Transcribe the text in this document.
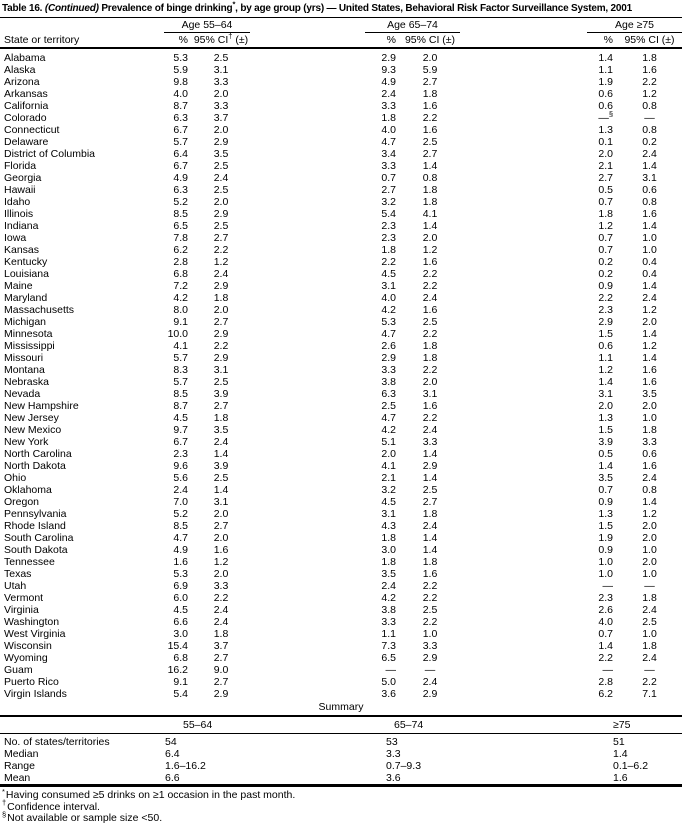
Table 16. (Continued) Prevalence of binge drinking*, by age group (yrs) — United States, Behavioral Risk Factor Surveillance System, 2001
	Age 55–64			Age 65–74			Age ≥75	
State or territory	%	95% CI† (±)		%	95% CI (±)		%	95% CI (±)
Alabama	5.3	2.5		2.9	2.0		1.4	1.8
Alaska	5.9	3.1		9.3	5.9		1.1	1.6
Arizona	9.8	3.3		4.9	2.7		1.9	2.2
Arkansas	4.0	2.0		2.4	1.8		0.6	1.2
California	8.7	3.3		3.3	1.6		0.6	0.8
Colorado	6.3	3.7		1.8	2.2		—§	—
Connecticut	6.7	2.0		4.0	1.6		1.3	0.8
Delaware	5.7	2.9		4.7	2.5		0.1	0.2
District of Columbia	6.4	3.5		3.4	2.7		2.0	2.4
Florida	6.7	2.5		3.3	1.4		2.1	1.4
Georgia	4.9	2.4		0.7	0.8		2.7	3.1
Hawaii	6.3	2.5		2.7	1.8		0.5	0.6
Idaho	5.2	2.0		3.2	1.8		0.7	0.8
Illinois	8.5	2.9		5.4	4.1		1.8	1.6
Indiana	6.5	2.5		2.3	1.4		1.2	1.4
Iowa	7.8	2.7		2.3	2.0		0.7	1.0
Kansas	6.2	2.2		1.8	1.2		0.7	1.0
Kentucky	2.8	1.2		2.2	1.6		0.2	0.4
Louisiana	6.8	2.4		4.5	2.2		0.2	0.4
Maine	7.2	2.9		3.1	2.2		0.9	1.4
Maryland	4.2	1.8		4.0	2.4		2.2	2.4
Massachusetts	8.0	2.0		4.2	1.6		2.3	1.2
Michigan	9.1	2.7		5.3	2.5		2.9	2.0
Minnesota	10.0	2.9		4.7	2.2		1.5	1.4
Mississippi	4.1	2.2		2.6	1.8		0.6	1.2
Missouri	5.7	2.9		2.9	1.8		1.1	1.4
Montana	8.3	3.1		3.3	2.2		1.2	1.6
Nebraska	5.7	2.5		3.8	2.0		1.4	1.6
Nevada	8.5	3.9		6.3	3.1		3.1	3.5
New Hampshire	8.7	2.7		2.5	1.6		2.0	2.0
New Jersey	4.5	1.8		4.7	2.2		1.3	1.0
New Mexico	9.7	3.5		4.2	2.4		1.5	1.8
New York	6.7	2.4		5.1	3.3		3.9	3.3
North Carolina	2.3	1.4		2.0	1.4		0.5	0.6
North Dakota	9.6	3.9		4.1	2.9		1.4	1.6
Ohio	5.6	2.5		2.1	1.4		3.5	2.4
Oklahoma	2.4	1.4		3.2	2.5		0.7	0.8
Oregon	7.0	3.1		4.5	2.7		0.9	1.4
Pennsylvania	5.2	2.0		3.1	1.8		1.3	1.2
Rhode Island	8.5	2.7		4.3	2.4		1.5	2.0
South Carolina	4.7	2.0		1.8	1.4		1.9	2.0
South Dakota	4.9	1.6		3.0	1.4		0.9	1.0
Tennessee	1.6	1.2		1.8	1.8		1.0	2.0
Texas	5.3	2.0		3.5	1.6		1.0	1.0
Utah	6.9	3.3		2.4	2.2		—	—
Vermont	6.0	2.2		4.2	2.2		2.3	1.8
Virginia	4.5	2.4		3.8	2.5		2.6	2.4
Washington	6.6	2.4		3.3	2.2		4.0	2.5
West Virginia	3.0	1.8		1.1	1.0		0.7	1.0
Wisconsin	15.4	3.7		7.3	3.3		1.4	1.8
Wyoming	6.8	2.7		6.5	2.9		2.2	2.4
Guam	16.2	9.0		—	—		—	—
Puerto Rico	9.1	2.7		5.0	2.4		2.8	2.2
Virgin Islands	5.4	2.9		3.6	2.9		6.2	7.1
Summary
	55–64	65–74	≥75
No. of states/territories	54	53	51
Median	6.4	3.3	1.4
Range	1.6–16.2	0.7–9.3	0.1–6.2
Mean	6.6	3.6	1.6
*Having consumed ≥5 drinks on ≥1 occasion in the past month.
†Confidence interval.
§Not available or sample size <50.
